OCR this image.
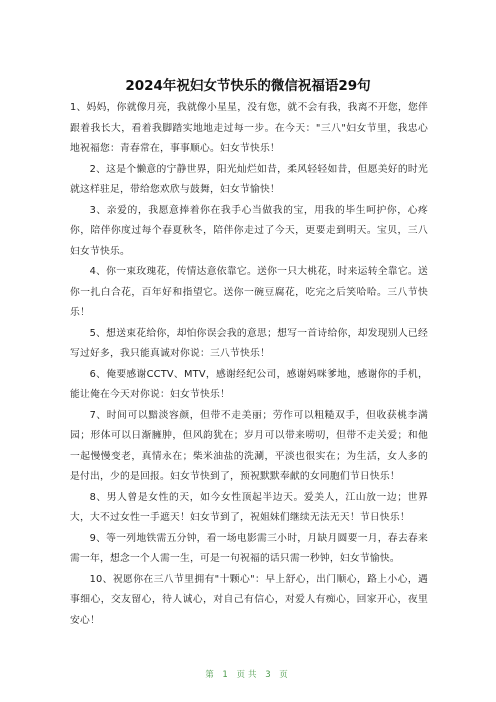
2024年祝妇女节快乐的微信祝福语29句

1、妈妈，你就像月亮，我就像小星星，没有您，就不会有我，我离不开您，您伴跟着我长大，看着我脚踏实地地走过每一步。在今天："三八"妇女节里，我忠心地祝福您：青春常在，事事顺心。妇女节快乐！

2、这是个懒意的宁静世界，阳光灿烂如昔，柔风轻轻如昔，但愿美好的时光就这样驻足，带给您欢欣与鼓舞，妇女节愉快！

3、亲爱的，我愿意捧着你在我手心当做我的宝，用我的毕生呵护你，心疼你，陪伴你度过每个春夏秋冬，陪伴你走过了今天，更要走到明天。宝贝，三八妇女节快乐。

4、你一束玫瑰花，传情达意依靠它。送你一只大桃花，时来运转全靠它。送你一扎白合花，百年好和指望它。送你一碗豆腐花，吃完之后笑哈哈。三八节快乐！

5、想送束花给你，却怕你误会我的意思；想写一首诗给你，却发现别人已经写过好多，我只能真诚对你说：三八节快乐！

6、俺要感谢CCTV、MTV，感谢经纪公司，感谢妈咪爹地，感谢你的手机，能让俺在今天对你说：妇女节快乐！

7、时间可以黯淡容颜，但带不走美丽；劳作可以粗糙双手，但收获桃李满园；形体可以日渐臃肿，但风韵犹在；岁月可以带来唠叨，但带不走关爱；和他一起慢慢变老，真情永在；柴米油盐的洗涮，平淡也很实在；为生活，女人多的是付出，少的是回报。妇女节快到了，预祝默默奉献的女同胞们节日快乐！

8、男人曾是女性的天，如今女性顶起半边天。爱美人，江山放一边；世界大，大不过女性一手遮天！妇女节到了，祝姐妹们继续无法无天！节日快乐！

9、等一列地铁需五分钟，看一场电影需三小时，月缺月圆要一月，春去春来需一年，想念一个人需一生，可是一句祝福的话只需一秒钟，妇女节愉快。

10、祝愿你在三八节里拥有"十颗心"：早上舒心，出门顺心，路上小心，遇事细心，交友留心，待人诚心，对自己有信心，对爱人有痴心，回家开心，夜里安心！

第 1 页共 3 页
